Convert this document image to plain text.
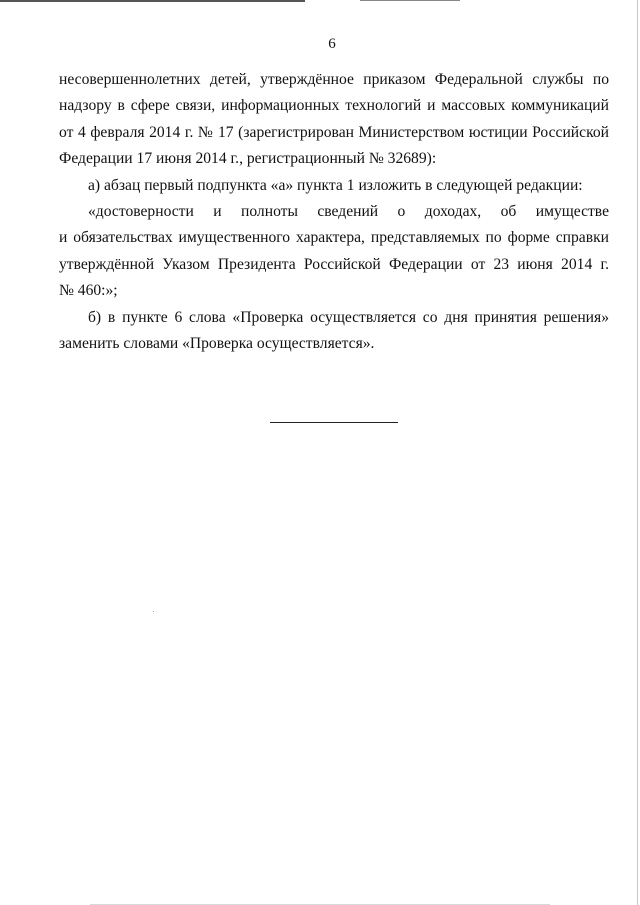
6
несовершеннолетних детей, утверждённое приказом Федеральной службы по
надзору в сфере связи, информационных технологий и массовых коммуникаций
от 4 февраля 2014 г. № 17 (зарегистрирован Министерством юстиции Российской
Федерации 17 июня 2014 г., регистрационный № 32689):
а) абзац первый подпункта «а» пункта 1 изложить в следующей редакции:
«достоверности и полноты сведений о доходах, об имуществе
и обязательствах имущественного характера, представляемых по форме справки
утверждённой Указом Президента Российской Федерации от 23 июня 2014 г.
№ 460:»;
б) в пункте 6 слова «Проверка осуществляется со дня принятия решения»
заменить словами «Проверка осуществляется».
